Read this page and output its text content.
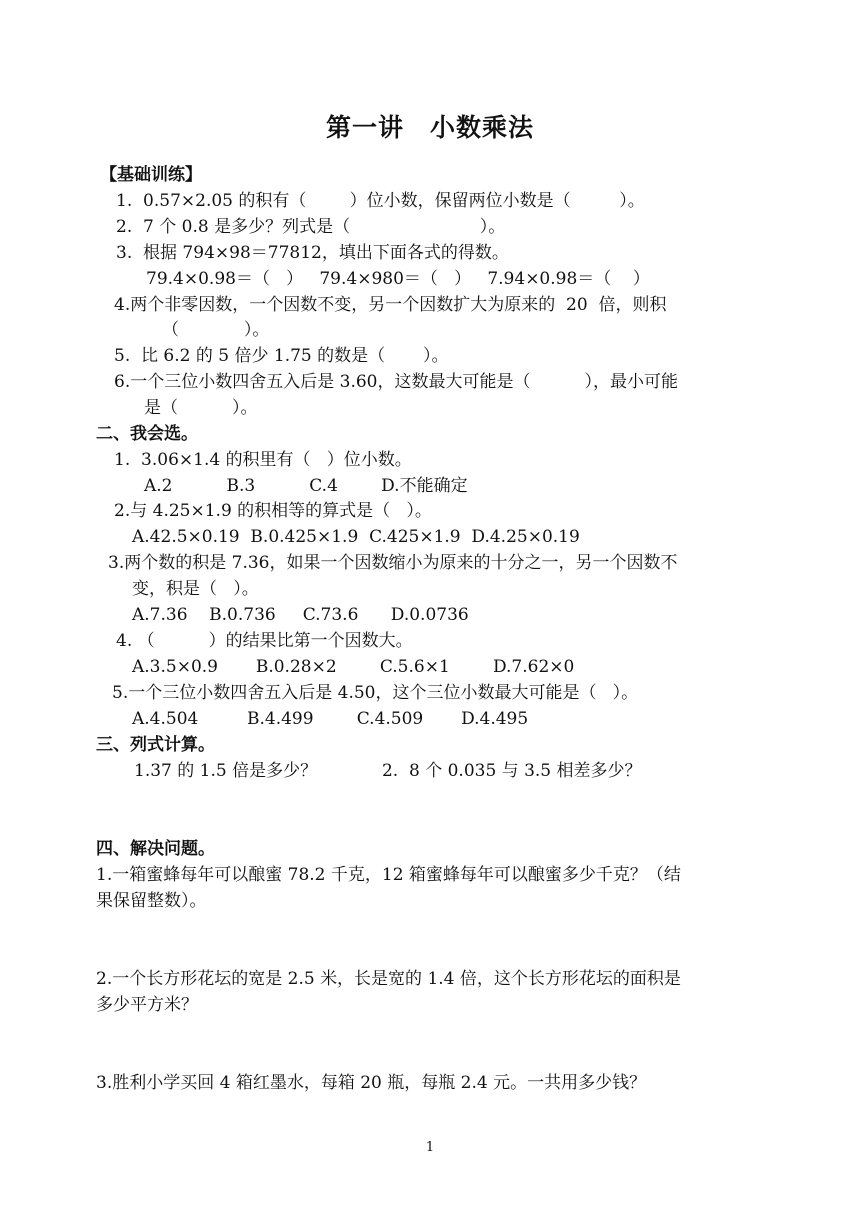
第一讲　小数乘法
【基础训练】
1.  0.57×2.05 的积有（        ）位小数，保留两位小数是（         ）。
2.  7 个 0.8 是多少？列式是（                        ）。
3.  根据 794×98＝77812，填出下面各式的得数。
79.4×0.98＝（   ）   79.4×980＝（   ）   7.94×0.98＝（    ）
4.两个非零因数，一个因数不变，另一个因数扩大为原来的  20  倍，则积
（            ）。
5.  比 6.2 的 5 倍少 1.75 的数是（       ）。
6.一个三位小数四舍五入后是 3.60，这数最大可能是（          ），最小可能
是（          ）。
二、我会选。
1.  3.06×1.4 的积里有（   ）位小数。
A.2          B.3          C.4        D.不能确定
2.与 4.25×1.9 的积相等的算式是（   ）。
A.42.5×0.19  B.0.425×1.9  C.425×1.9  D.4.25×0.19
3.两个数的积是 7.36，如果一个因数缩小为原来的十分之一，另一个因数不
变，积是（   ）。
A.7.36    B.0.736     C.73.6      D.0.0736
4. （          ）的结果比第一个因数大。
A.3.5×0.9       B.0.28×2        C.5.6×1        D.7.62×0
5.一个三位小数四舍五入后是 4.50，这个三位小数最大可能是（   ）。
A.4.504         B.4.499        C.4.509       D.4.495
三、列式计算。
1.37 的 1.5 倍是多少？            2.  8 个 0.035 与 3.5 相差多少？
四、解决问题。
1.一箱蜜蜂每年可以酿蜜 78.2 千克，12 箱蜜蜂每年可以酿蜜多少千克？（结
果保留整数）。
2.一个长方形花坛的宽是 2.5 米，长是宽的 1.4 倍，这个长方形花坛的面积是
多少平方米？
3.胜利小学买回 4 箱红墨水，每箱 20 瓶，每瓶 2.4 元。一共用多少钱？
1
